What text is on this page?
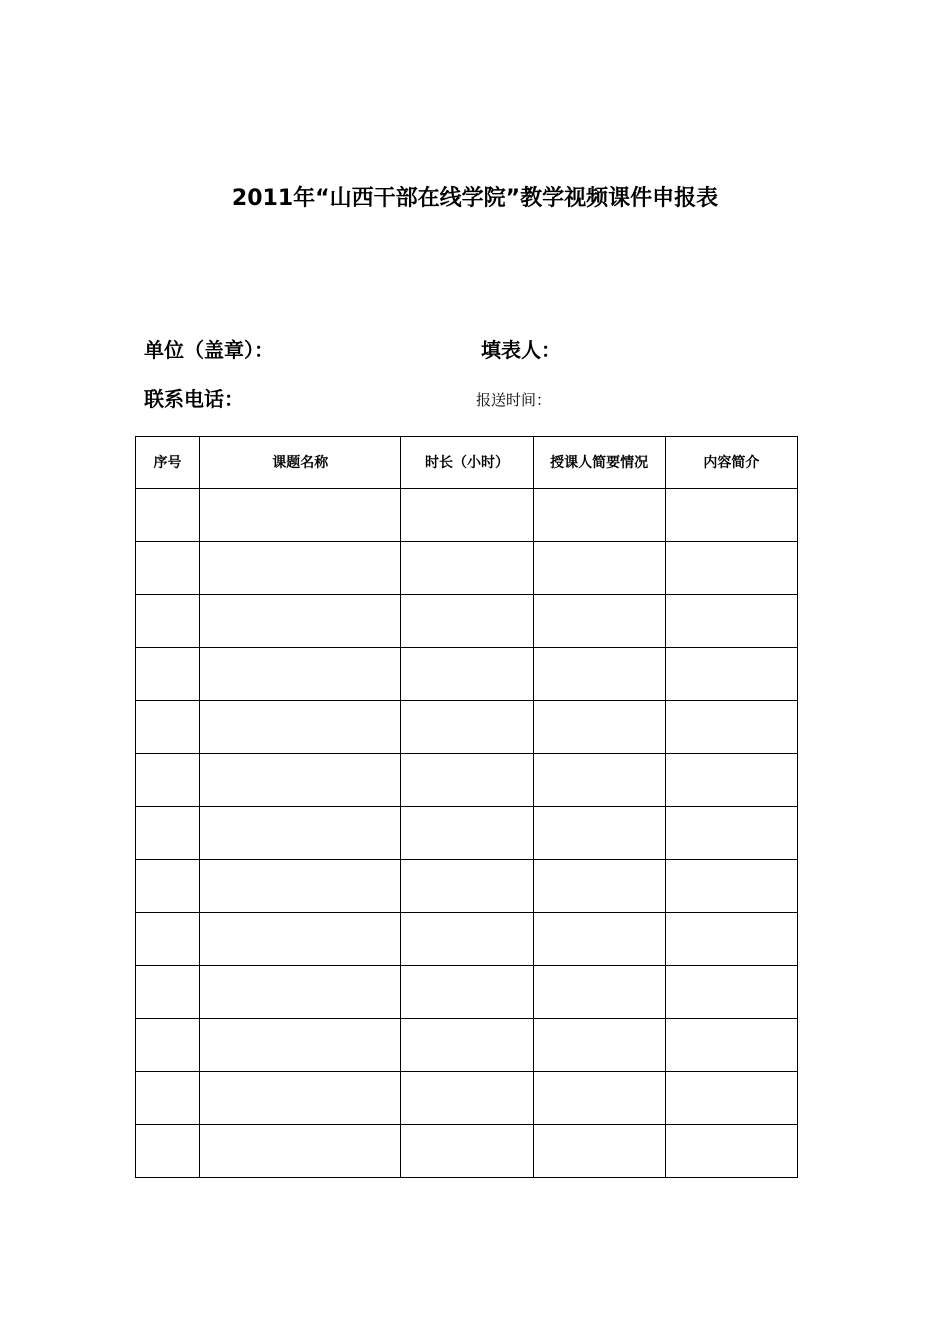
2011年“山西干部在线学院”教学视频课件申报表
单位（盖章）：	填表人：
联系电话：	报送时间：
序号	课题名称	时长（小时）	授课人简要情况	内容简介
